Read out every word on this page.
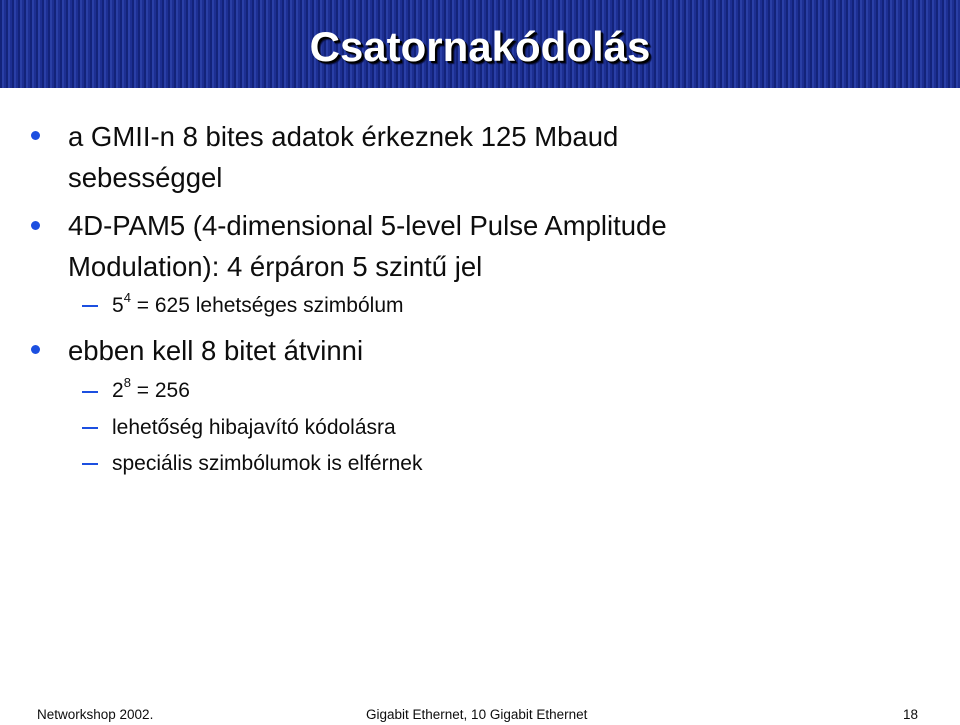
Csatornakódolás
a GMII-n 8 bites adatok érkeznek 125 Mbaud
sebességgel
4D-PAM5 (4-dimensional 5-level Pulse Amplitude
Modulation): 4 érpáron 5 szintű jel
$5^4 = 625$ lehetséges szimbólum
ebben kell 8 bitet átvinni
$2^8 = 256$
lehetőség hibajavító kódolásra
speciális szimbólumok is elférnek
Networkshop 2002.	Gigabit Ethernet, 10 Gigabit Ethernet	18
